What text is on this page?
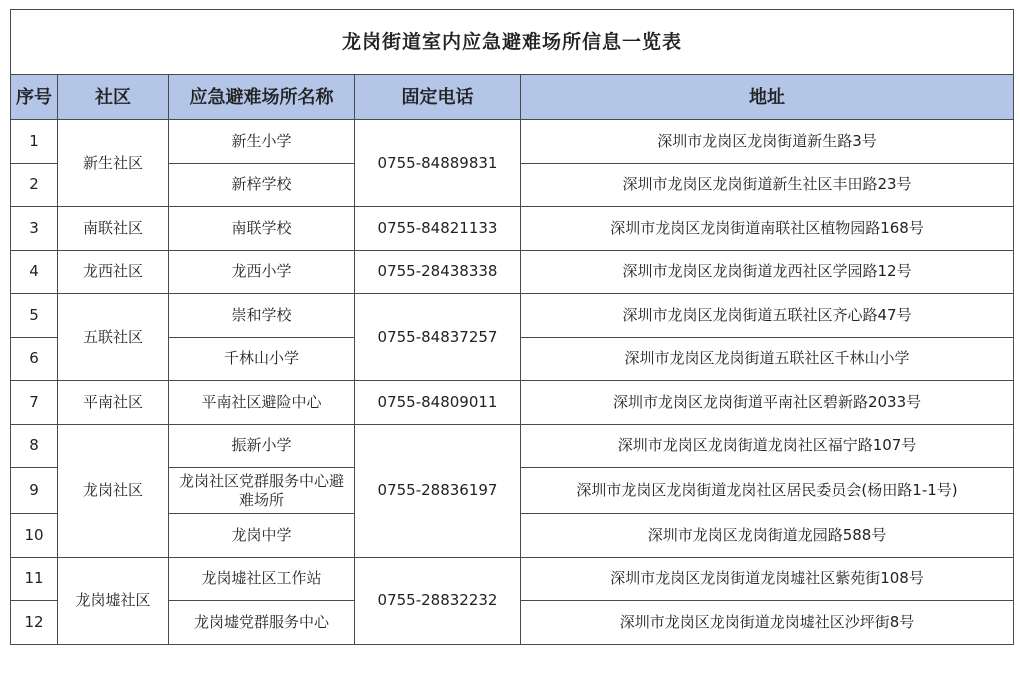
龙岗街道室内应急避难场所信息一览表				
序号	社区	应急避难场所名称	固定电话	地址
1	新生社区	新生小学	0755-84889831	深圳市龙岗区龙岗街道新生路3号
2		新梓学校		深圳市龙岗区龙岗街道新生社区丰田路23号
3	南联社区	南联学校	0755-84821133	深圳市龙岗区龙岗街道南联社区植物园路168号
4	龙西社区	龙西小学	0755-28438338	深圳市龙岗区龙岗街道龙西社区学园路12号
5	五联社区	崇和学校	0755-84837257	深圳市龙岗区龙岗街道五联社区齐心路47号
6		千林山小学		深圳市龙岗区龙岗街道五联社区千林山小学
7	平南社区	平南社区避险中心	0755-84809011	深圳市龙岗区龙岗街道平南社区碧新路2033号
8	龙岗社区	振新小学	0755-28836197	深圳市龙岗区龙岗街道龙岗社区福宁路107号
9		龙岗社区党群服务中心避难场所		深圳市龙岗区龙岗街道龙岗社区居民委员会(杨田路1-1号)
10		龙岗中学		深圳市龙岗区龙岗街道龙园路588号
11	龙岗墟社区	龙岗墟社区工作站	0755-28832232	深圳市龙岗区龙岗街道龙岗墟社区紫苑街108号
12		龙岗墟党群服务中心		深圳市龙岗区龙岗街道龙岗墟社区沙坪街8号
